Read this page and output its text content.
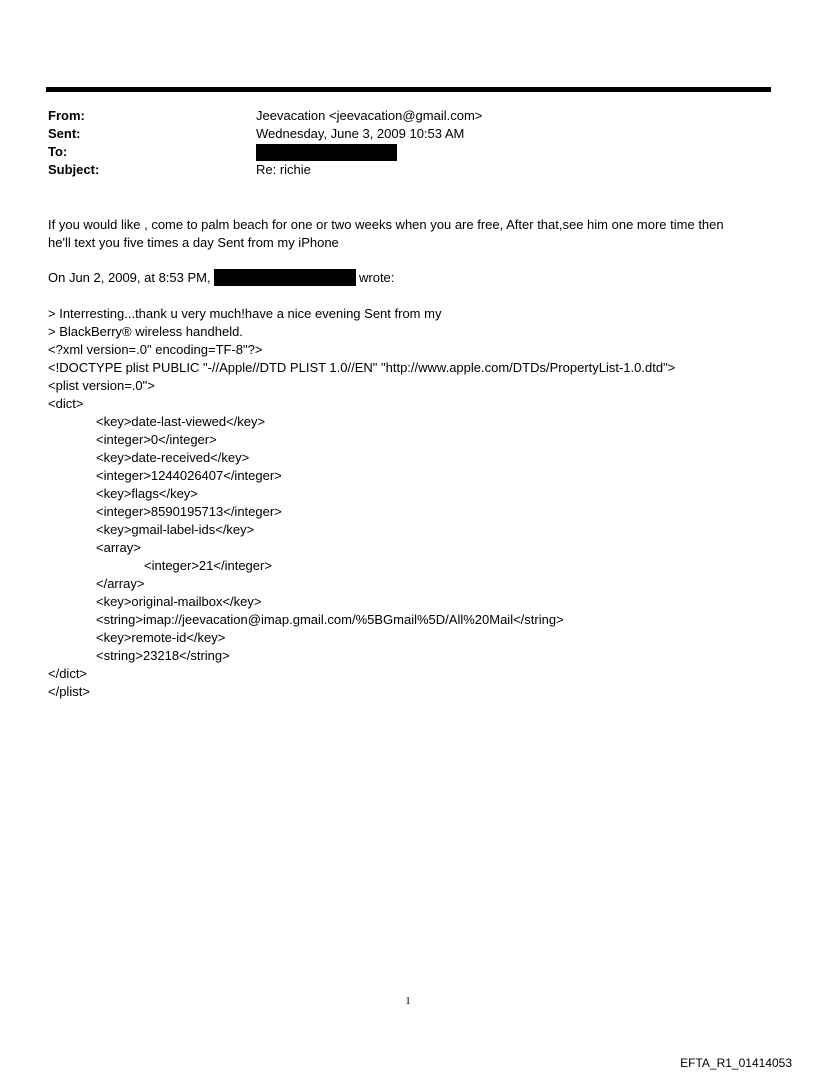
From:	Jeevacation <jeevacation@gmail.com>
Sent:	Wednesday, June 3, 2009 10:53 AM
To:
Subject:	Re: richie
If you would like , come to palm beach for one or two weeks when you are free, After that,see him one more time then
he'll text you five times a day Sent from my iPhone
On Jun 2, 2009, at 8:53 PM,	wrote:
> Interresting...thank u very much!have a nice evening Sent from my
> BlackBerry® wireless handheld.
<?xml version=.0" encoding=TF-8"?>
<!DOCTYPE plist PUBLIC "-//Apple//DTD PLIST 1.0//EN" "http://www.apple.com/DTDs/PropertyList-1.0.dtd">
<plist version=.0">
<dict>
<key>date-last-viewed</key>
<integer>0</integer>
<key>date-received</key>
<integer>1244026407</integer>
<key>flags</key>
<integer>8590195713</integer>
<key>gmail-label-ids</key>
<array>
<integer>21</integer>
</array>
<key>original-mailbox</key>
<string>imap://jeevacation@imap.gmail.com/%5BGmail%5D/All%20Mail</string>
<key>remote-id</key>
<string>23218</string>
</dict>
</plist>
1
EFTA_R1_01414053
